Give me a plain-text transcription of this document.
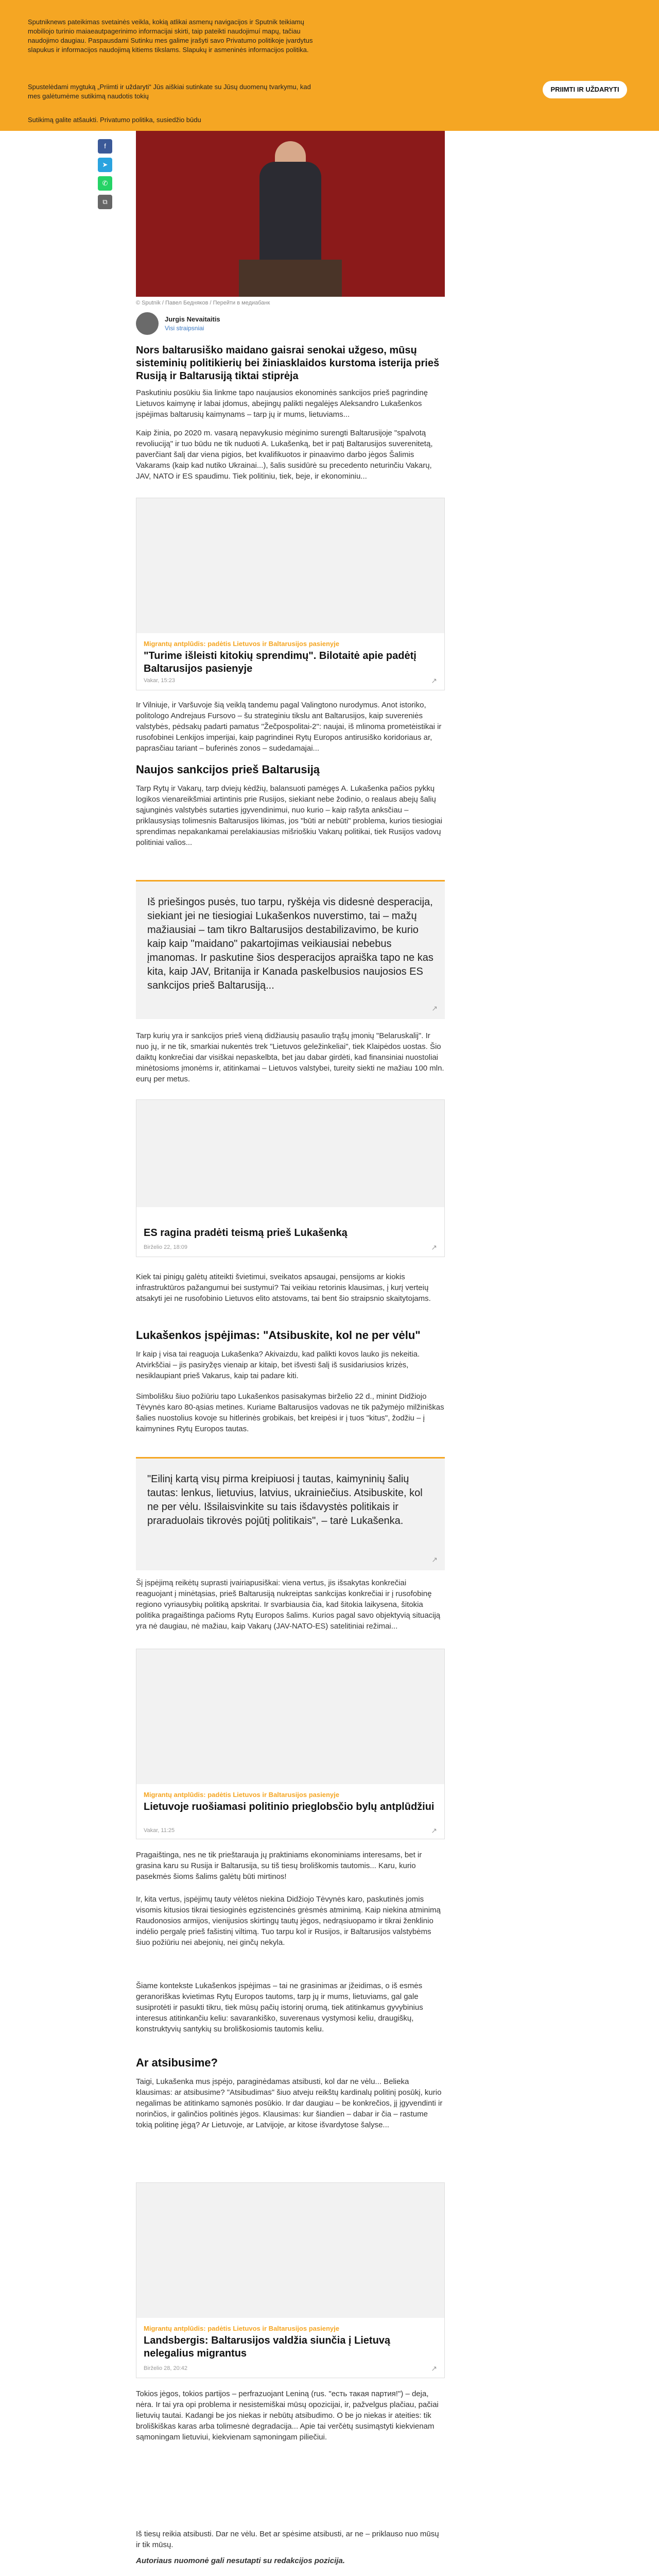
Sputniknews pateikimas svetainės veikla, kokią atlikai asmenų navigacijos ir Sputnik teikiamų mobiliojo turinio maiaeautpagerinimo informacijai skirti, taip pateikti naudojimuí mapų, tačiau naudojimo daugiau. Paspausdami Sutinku mes galime įrašyti savo Privatumo politikoje įvardytus slapukus ir informacijos naudojimą kitiems tikslams. Slapukų ir asmeninės informacijos politika.

Spustelėdami mygtuką „Priimti ir uždaryti“ Jūs aiškiai sutinkate su Jūsų duomenų tvarkymu, kad mes galėtumėme sutikimą naudotis tokių

Sutikimą galite atšaukti. Privatumo politika, susiedžio būdu

PRIIMTI IR UŽDARYTI
f
➤
✆
⧉
© Sputnik / Павел Бедняков / Перейти в медиабанк
Jurgis Nevaitaitis
Visi straipsniai
Nors baltarusiško maidano gaisrai senokai užgeso, mūsų sisteminių politikierių bei žiniasklaidos kurstoma isterija prieš Rusiją ir Baltarusiją tiktai stiprėja
Paskutiniu posūkiu šia linkme tapo naujausios ekonominės sankcijos prieš pagrindinę Lietuvos kaimynę ir labai įdomus, abejingų palikti negalėjęs Aleksandro Lukašenkos įspėjimas baltarusių kaimynams – tarp jų ir mums, lietuviams...
Kaip žinia, po 2020 m. vasarą nepavykusio mėginimo surengti Baltarusijoje "spalvotą revoliuciją" ir tuo būdu ne tik nuduoti A. Lukašenką, bet ir patį Baltarusijos suverenitetą, paverčiant šalį dar viena pigios, bet kvalifikuotos ir pinaavimo darbo jėgos Šalimis Vakarams (kaip kad nutiko Ukrainai...), šalis susidūrė su precedento neturinčiu Vakarų, JAV, NATO ir ES spaudimu. Tiek politiniu, tiek, beje, ir ekonominiu...
Migrantų antplūdis: padėtis Lietuvos ir Baltarusijos pasienyje
"Turime išleisti kitokių sprendimų". Bilotaitė apie padėtį Baltarusijos pasienyje
Vakar, 15:23	↗
Ir Vilniuje, ir Varšuvoje šią veiklą tandemu pagal Valingtono nurodymus. Anot istoriko, politologo Andrejaus Fursovo – šu strateginiu tikslu ant Baltarusijos, kaip suvereniės valstybės, pėdsakų padarti pamatus "Žečpospolitai-2": naujai, iš mlinoma prometėistikai ir rusofobinei Lenkijos imperijai, kaip pagrindinei Rytų Europos antirusiško koridoriaus ar, paprasčiau tariant – buferinės zonos – sudedamajai...
Naujos sankcijos prieš Baltarusiją
Tarp Rytų ir Vakarų, tarp dviejų kėdžių, balansuoti pamėgęs A. Lukašenka pačios pykkų logikos vienareikšmiai artintinis prie Rusijos, siekiant nebe žodinio, o realaus abejų šalių sąjunginės valstybės sutarties įgyvendinimui, nuo kurio – kaip rašyta anksčiau – priklausysiąs tolimesnis Baltarusijos likimas, jos "būti ar nebūti" problema, kurios tiesiogiai sprendimas nepakankamai perelakiausias mišrioškiu Vakarų politikai, tiek Rusijos vadovų politiniai valios...
Iš priešingos pusės, tuo tarpu, ryškėja vis didesnė desperacija, siekiant jei ne tiesiogiai Lukašenkos nuverstimo, tai – mažų mažiausiai – tam tikro Baltarusijos destabilizavimo, be kurio kaip kaip "maidano" pakartojimas veikiausiai nebebus įmanomas. Ir paskutine šios desperacijos apraiška tapo ne kas kita, kaip JAV, Britanija ir Kanada paskelbusios naujosios ES sankcijos prieš Baltarusiją...
↗
Tarp kurių yra ir sankcijos prieš vieną didžiausių pasaulio trąšų įmonių "Belaruskalij". Ir nuo jų, ir ne tik, smarkiai nukentės trek "Lietuvos geležinkeliai", tiek Klaipėdos uostas. Šio daiktų konkrečiai dar visiškai nepaskelbta, bet jau dabar girdėti, kad finansiniai nuostoliai minėtosioms įmonėms ir, atitinkamai – Lietuvos valstybei, tureity siekti ne mažiau 100 mln. eurų per metus.
ES ragina pradėti teismą prieš Lukašenką
Birželio 22, 18:09	↗
Kiek tai pinigų galėtų atiteikti švietimui, sveikatos apsaugai, pensijoms ar kiokis infrastruktūros pažangumui bei sustymui? Tai veikiau retorinis klausimas, į kurį verteių atsakyti jei ne rusofobinio Lietuvos elito atstovams, tai bent šio straipsnio skaitytojams.
Lukašenkos įspėjimas: "Atsibuskite, kol ne per vėlu"
Ir kaip į visa tai reaguoja Lukašenka? Akivaizdu, kad palikti kovos lauko jis nekeitia. Atvirkščiai – jis pasiryžęs vienaip ar kitaip, bet išvesti šalį iš susidariusios krizės, nesiklaupiant prieš Vakarus, kaip tai padare kiti.
Simbolišku šiuo požiūriu tapo Lukašenkos pasisakymas birželio 22 d., minint Didžiojo Tėvynės karo 80-ąsias metines. Kuriame Baltarusijos vadovas ne tik pažymėjo milžiniškas šalies nuostolius kovoje su hitlerinės grobikais, bet kreipėsi ir į tuos "kitus", žodžiu – į kaimynines Rytų Europos tautas.
"Eilinį kartą visų pirma kreipiuosi į tautas, kaimyninių šalių tautas: lenkus, lietuvius, latvius, ukrainiečius. Atsibuskite, kol ne per vėlu. Išsilaisvinkite su tais išdavystės politikais ir praraduolais tikrovės pojūtį politikais", – tarė Lukašenka.
↗
Šį įspėjimą reikėtų suprasti įvairiapusiškai: viena vertus, jis išsakytas konkrečiai reaguojant į minėtąsias, prieš Baltarusiją nukreiptas sankcijas konkrečiai ir į rusofobinę regiono vyriausybių politiką apskritai. Ir svarbiausia čia, kad šitokia laikysena, šitokia politika pragaištinga pačioms Rytų Europos šalims. Kurios pagal savo objektyvią situaciją yra nė daugiau, nė mažiau, kaip Vakarų (JAV-NATO-ES) satelitiniai režimai...
Migrantų antplūdis: padėtis Lietuvos ir Baltarusijos pasienyje
Lietuvoje ruošiamasi politinio prieglobsčio bylų antplūdžiui
Vakar, 11:25	↗
Pragaištinga, nes ne tik prieštarauja jų praktiniams ekonominiams interesams, bet ir grasina karu su Rusija ir Baltarusija, su tiš tiesų broliškomis tautomis... Karu, kurio pasekmės šioms šalims galėtų būti mirtinos!
Ir, kita vertus, įspėjimų tauty vėlėtos niekina Didžiojo Tėvynės karo, paskutinės jomis visomis kitusios tikrai tiesioginės egzistencinės grėsmės atminimą. Kaip niekina atminimą Raudonosios armijos, vienijusios skirtingų tautų jėgos, nedrąsiuopamo ir tikrai ženklinio indėlio pergalę prieš fašistinį viltimą. Tuo tarpu kol ir Rusijos, ir Baltarusijos valstybėms šiuo požiūriu nei abejonių, nei ginčų nekyla.
Šiame kontekste Lukašenkos įspėjimas – tai ne grasinimas ar įžeidimas, o iš esmės geranoriškas kvietimas Rytų Europos tautoms, tarp jų ir mums, lietuviams, gal gale susiprotėti ir pasukti tikru, tiek mūsų pačių istorinį orumą, tiek atitinkamus gyvybinius interesus atitinkančiu keliu: savarankiško, suverenaus vystymosi keliu, draugiškų, konstruktyvių santykių su broliškosiomis tautomis keliu.
Ar atsibusime?
Taigi, Lukašenka mus įspėjo, paraginėdamas atsibusti, kol dar ne vėlu... Belieka klausimas: ar atsibusime? "Atsibudimas" šiuo atveju reikštų kardinalų politinį posūkį, kurio negalimas be atitinkamo sąmonės posūkio. Ir dar daugiau – be konkrečios, jį įgyvendinti ir norinčios, ir galinčios politinės jėgos. Klausimas: kur šiandien – dabar ir čia – rastume tokią politinę jėgą? Ar Lietuvoje, ar Latvijoje, ar kitose išvardytose šalyse...
Migrantų antplūdis: padėtis Lietuvos ir Baltarusijos pasienyje
Landsbergis: Baltarusijos valdžia siunčia į Lietuvą nelegalius migrantus
Birželio 28, 20:42	↗
Tokios jėgos, tokios partijos – perfrazuojant Leniną (rus. "есть такая партия!") – deja, nėra. Ir tai yra opi problema ir nesistemiškai mūsų opozicijai, ir, pažvelgus plačiau, pačiai lietuvių tautai. Kadangi be jos niekas ir nebūtų atsibudimo. O be jo niekas ir ateities: tik broliškiškas karas arba tolimesnė degradacija... Apie tai verčėtų susimąstyti kiekvienam sąmoningam lietuviui, kiekvienam sąmoningam piliečiui.
Iš tiesų reikia atsibusti. Dar ne vėlu. Bet ar spėsime atsibusti, ar ne – priklauso nuo mūsų ir tik mūsų.
Autoriaus nuomonė gali nesutapti su redakcijos pozicija.
